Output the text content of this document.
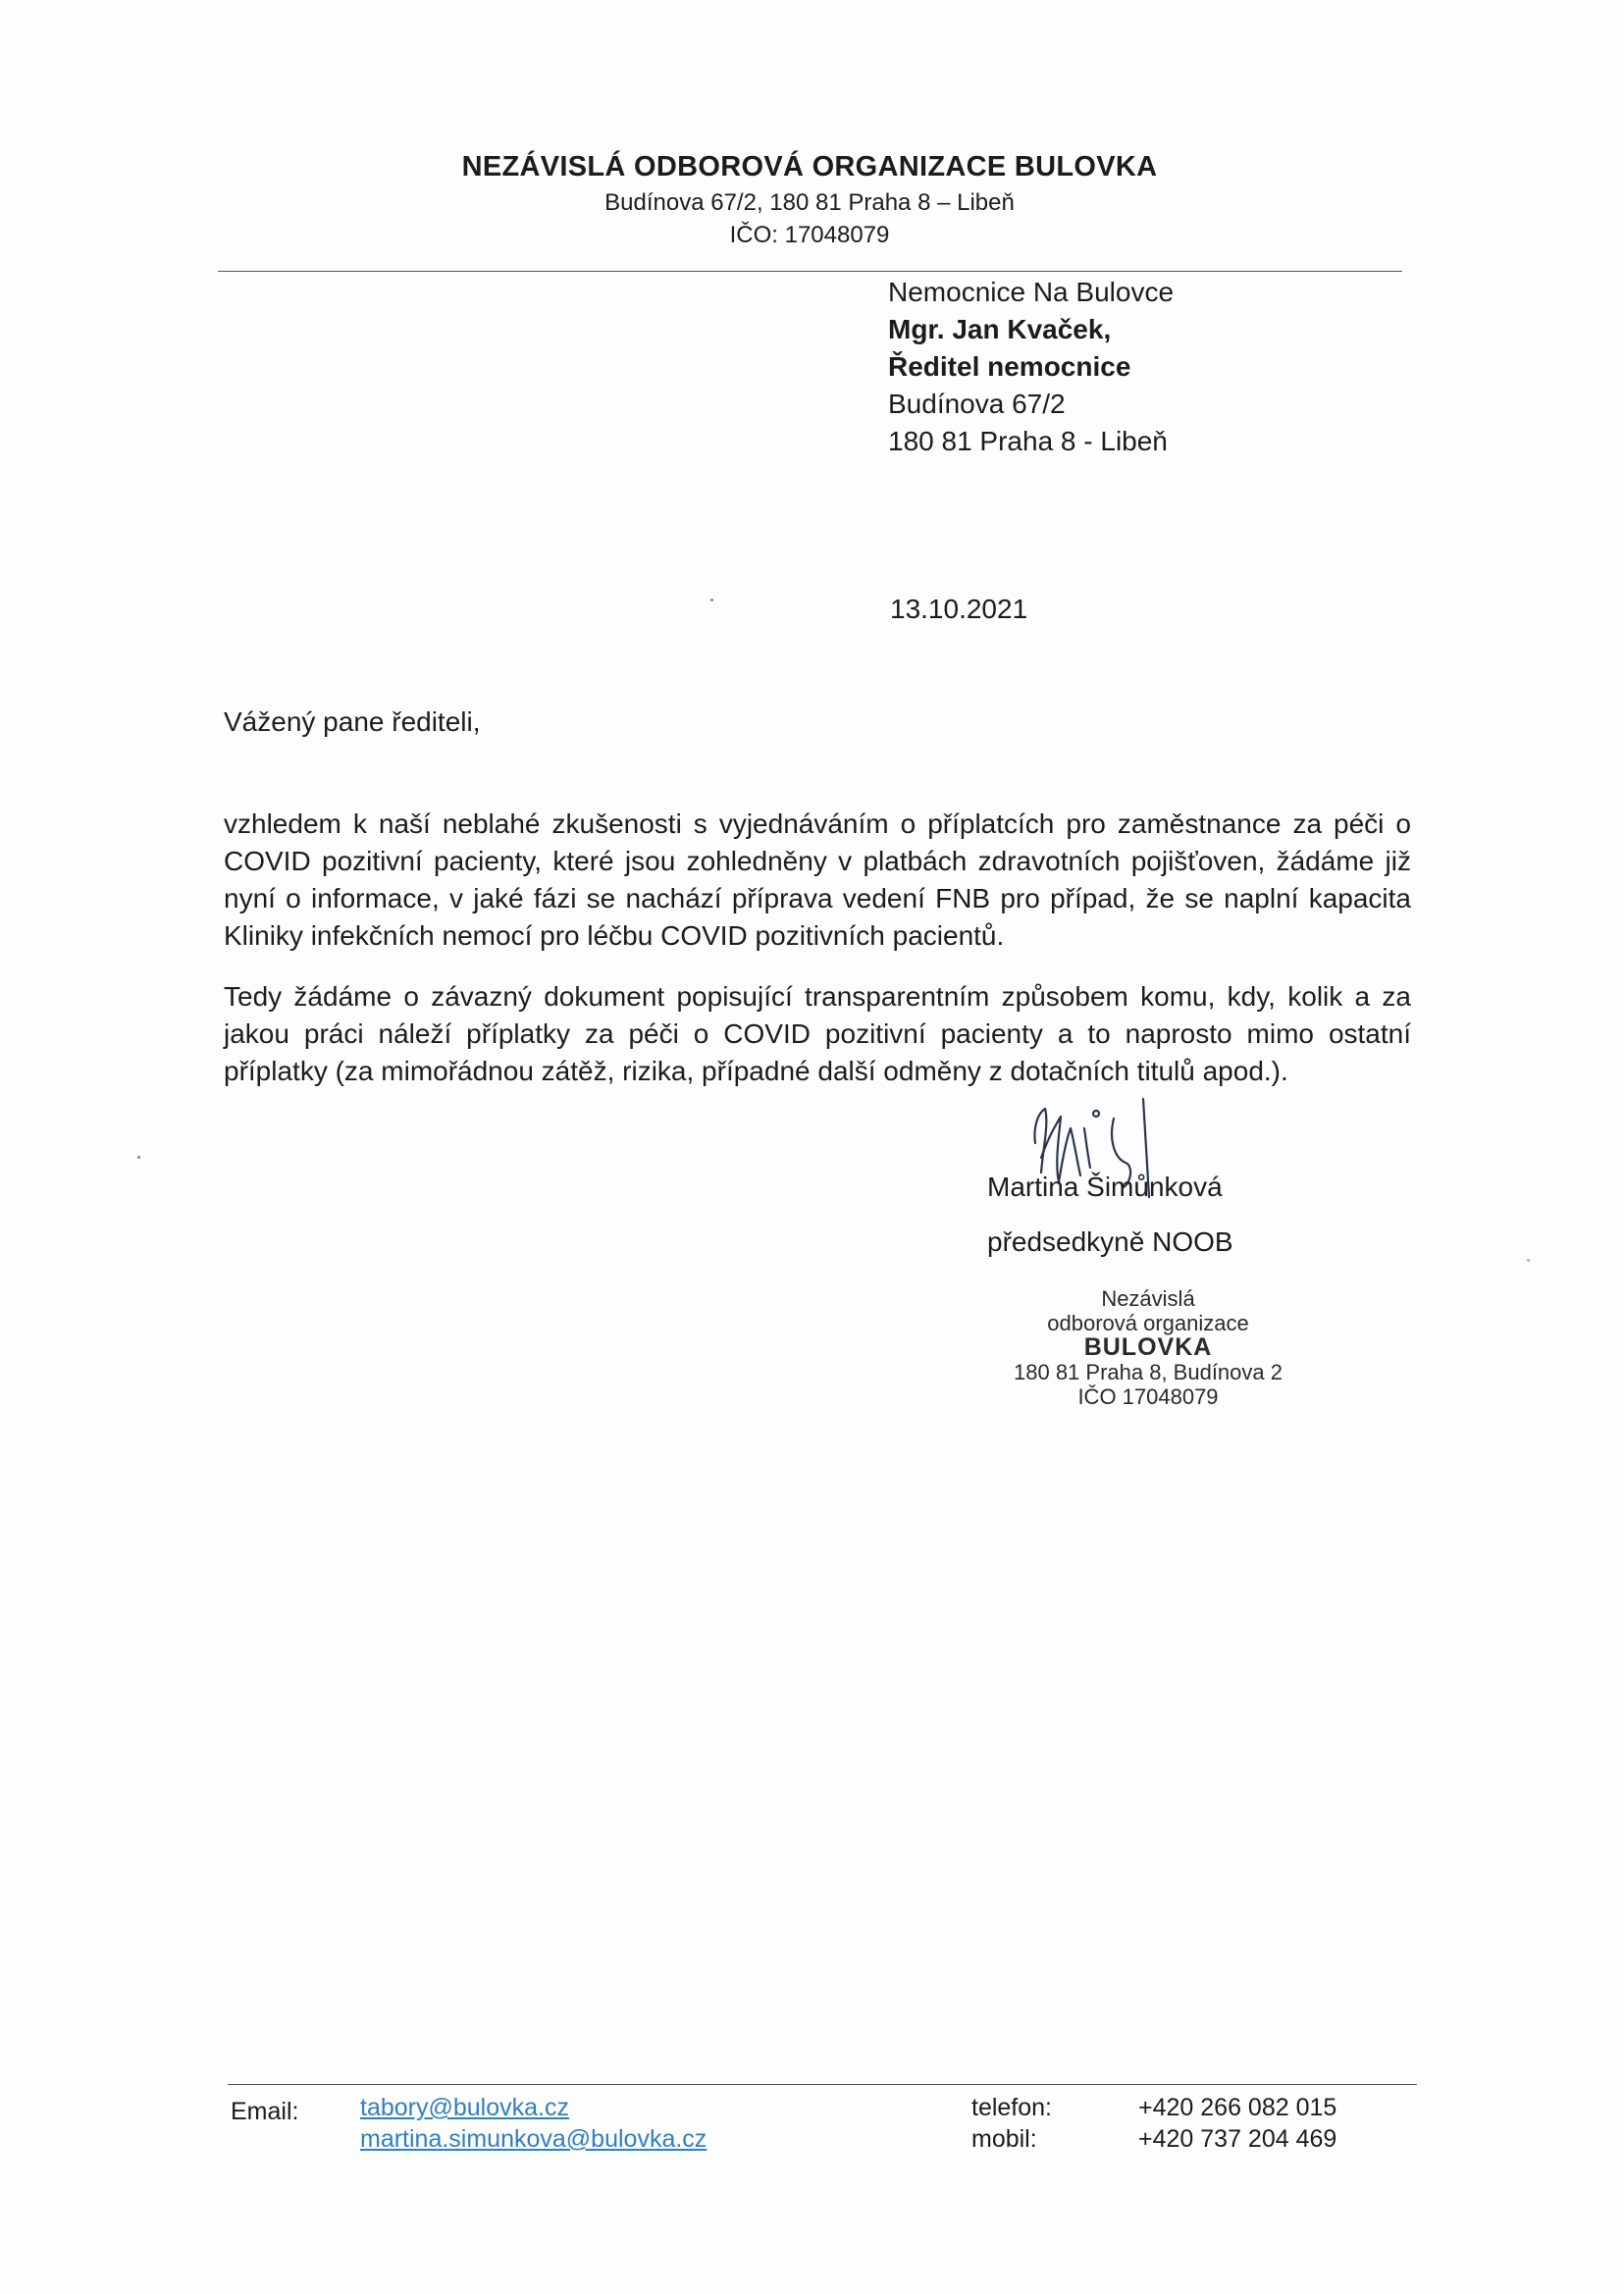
NEZÁVISLÁ ODBOROVÁ ORGANIZACE BULOVKA
Budínova 67/2, 180 81 Praha 8 – Libeň
IČO: 17048079
Nemocnice Na Bulovce
Mgr. Jan Kvaček,
Ředitel nemocnice
Budínova 67/2
180 81 Praha 8 - Libeň
13.10.2021
Vážený pane řediteli,

vzhledem k naší neblahé zkušenosti s vyjednáváním o příplatcích pro zaměstnance za péči o COVID pozitivní pacienty, které jsou zohledněny v platbách zdravotních pojišťoven, žádáme již nyní o informace, v jaké fázi se nachází příprava vedení FNB pro případ, že se naplní kapacita Kliniky infekčních nemocí pro léčbu COVID pozitivních pacientů.

Tedy žádáme o závazný dokument popisující transparentním způsobem komu, kdy, kolik a za jakou práci náleží příplatky za péči o COVID pozitivní pacienty a to naprosto mimo ostatní příplatky (za mimořádnou zátěž, rizika, případné další odměny z dotačních titulů apod.).

Martina Šimůnková
předsedkyně NOOB
Nezávislá
odborová organizace
BULOVKA
180 81 Praha 8, Budínova 2
IČO 17048079
Email:	tabory@bulovka.cz
martina.simunkova@bulovka.cz
telefon:
mobil:
+420 266 082 015
+420 737 204 469
